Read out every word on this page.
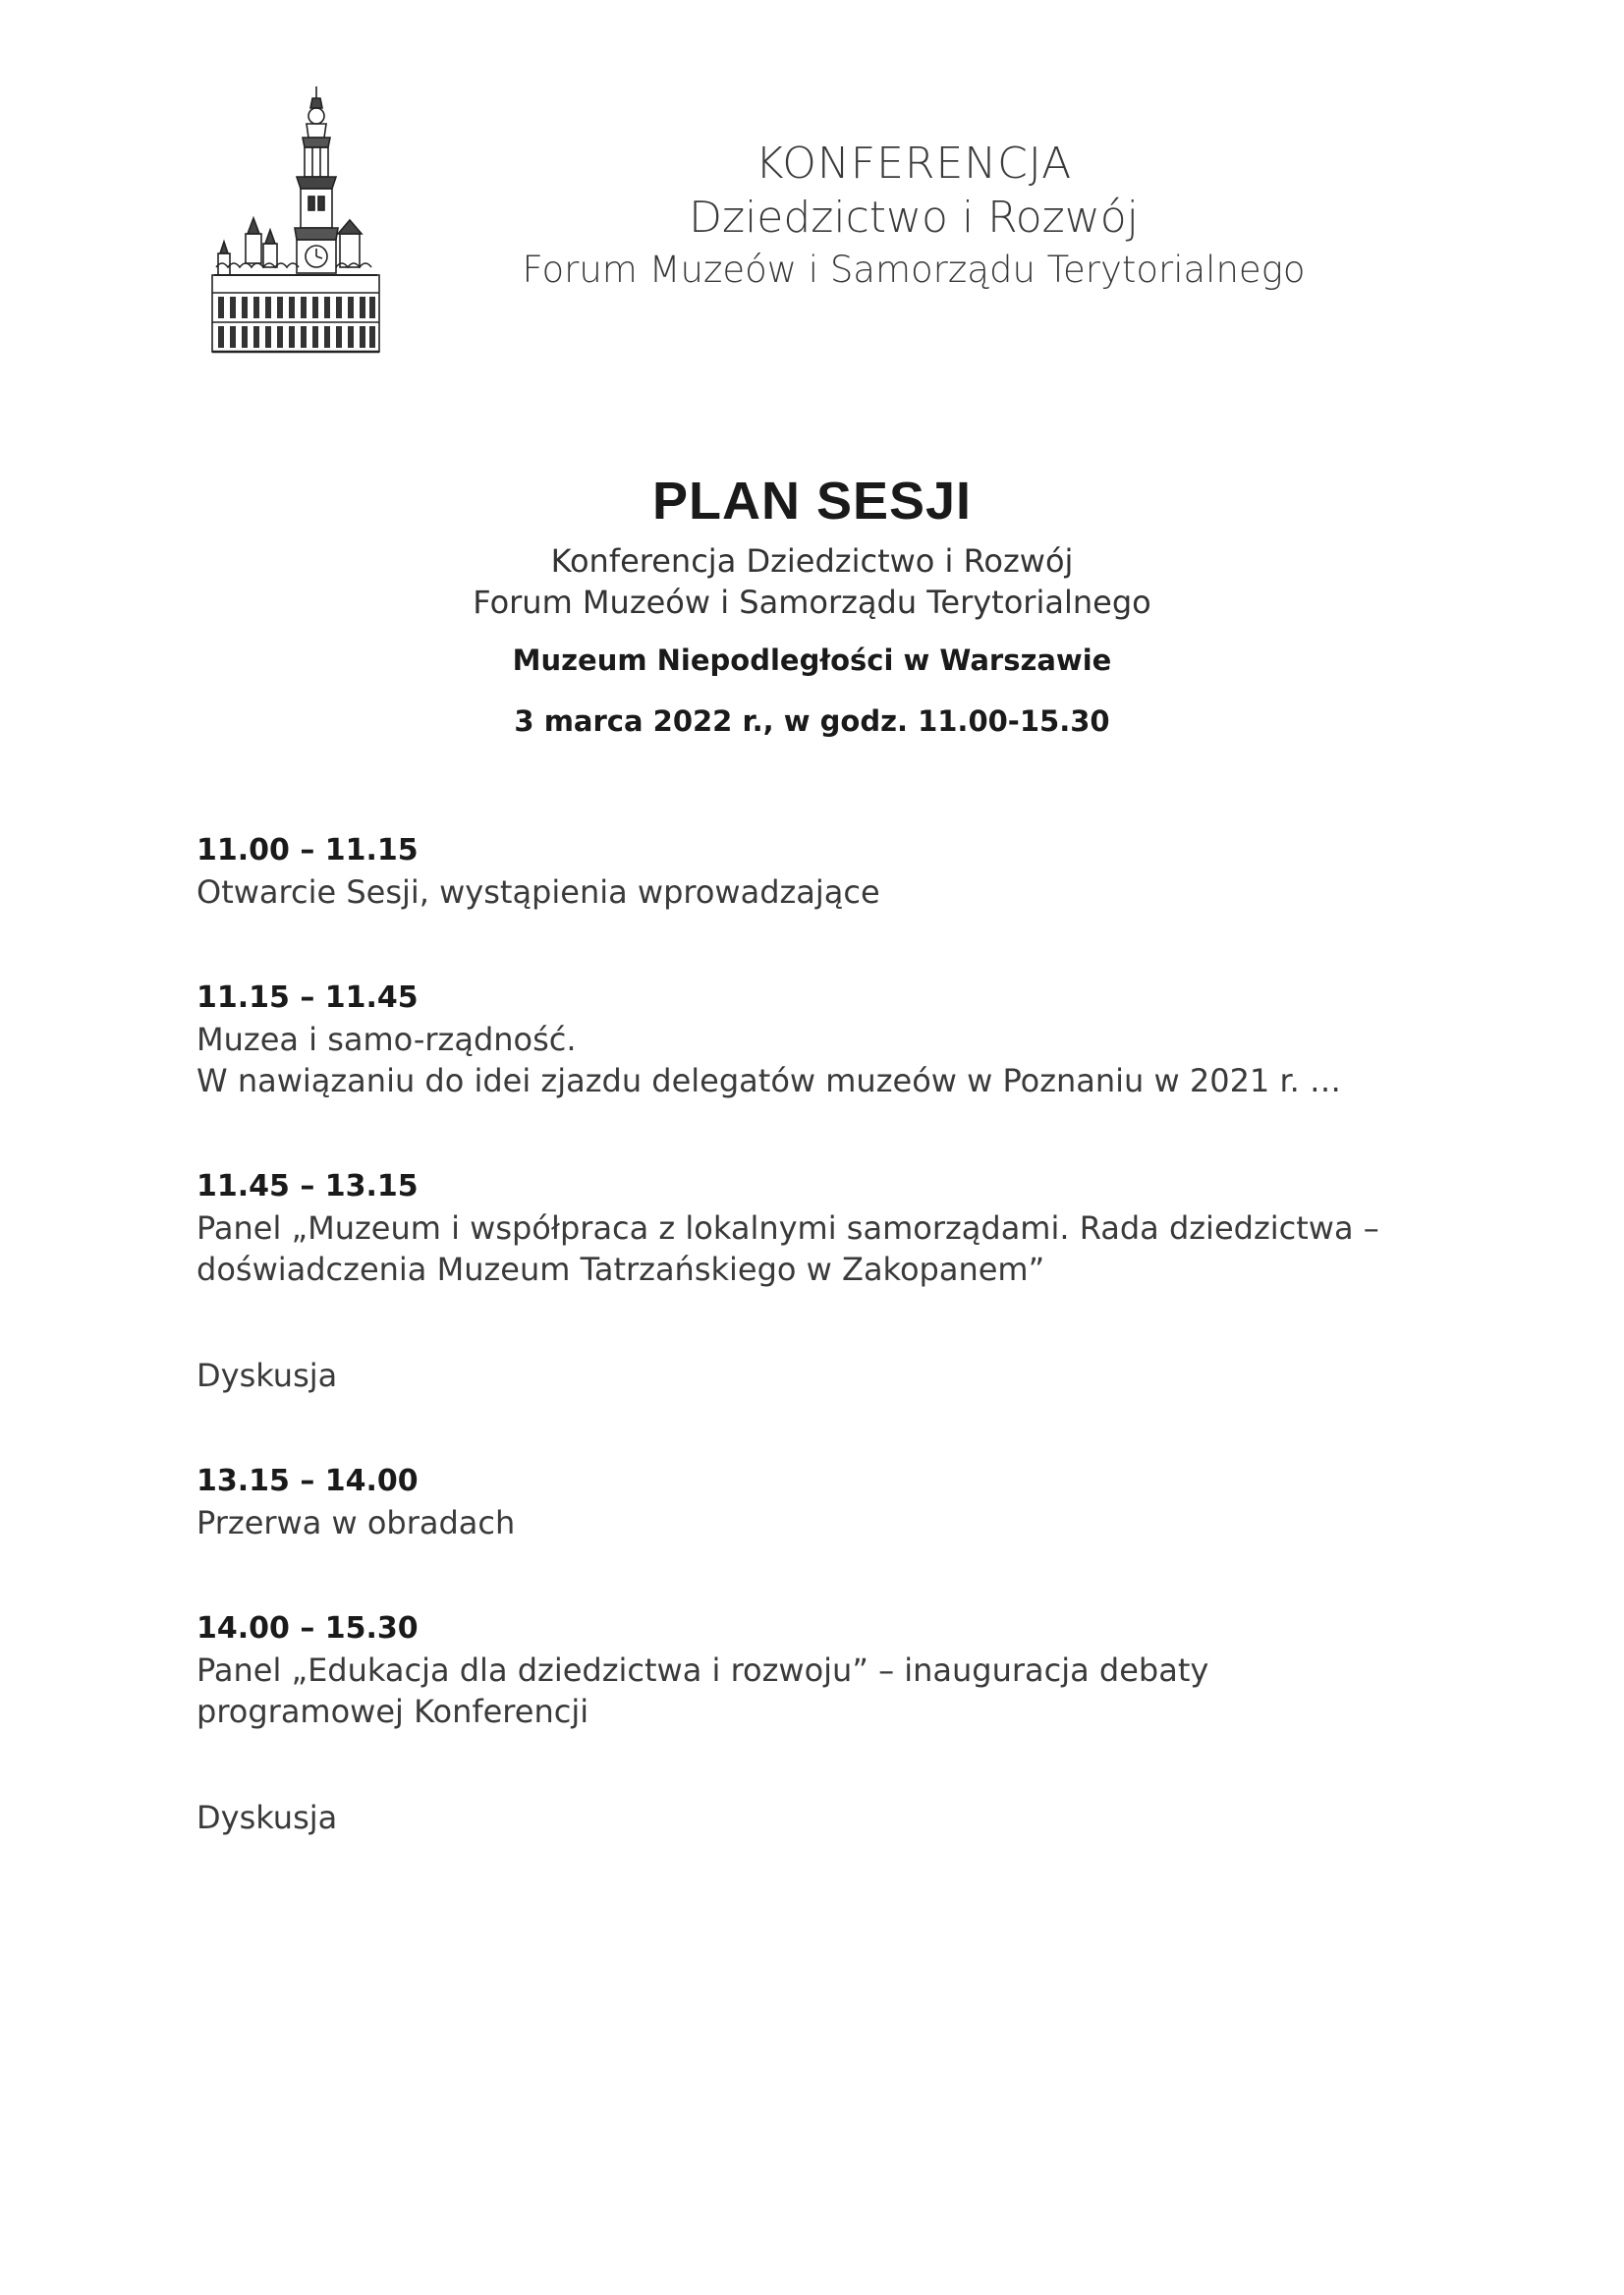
KONFERENCJA
Dziedzictwo i Rozwój
Forum Muzeów i Samorządu Terytorialnego
PLAN SESJI
Konferencja Dziedzictwo i Rozwój
Forum Muzeów i Samorządu Terytorialnego
Muzeum Niepodległości w Warszawie
3 marca 2022 r., w godz. 11.00-15.30
11.00 – 11.15
Otwarcie Sesji, wystąpienia wprowadzające
11.15 – 11.45
Muzea i samo-rządność.
W nawiązaniu do idei zjazdu delegatów muzeów w Poznaniu w 2021 r. …
11.45 – 13.15
Panel „Muzeum i współpraca z lokalnymi samorządami. Rada dziedzictwa –
doświadczenia Muzeum Tatrzańskiego w Zakopanem”
Dyskusja
13.15 – 14.00
Przerwa w obradach
14.00 – 15.30
Panel „Edukacja dla dziedzictwa i rozwoju” – inauguracja debaty
programowej Konferencji
Dyskusja
